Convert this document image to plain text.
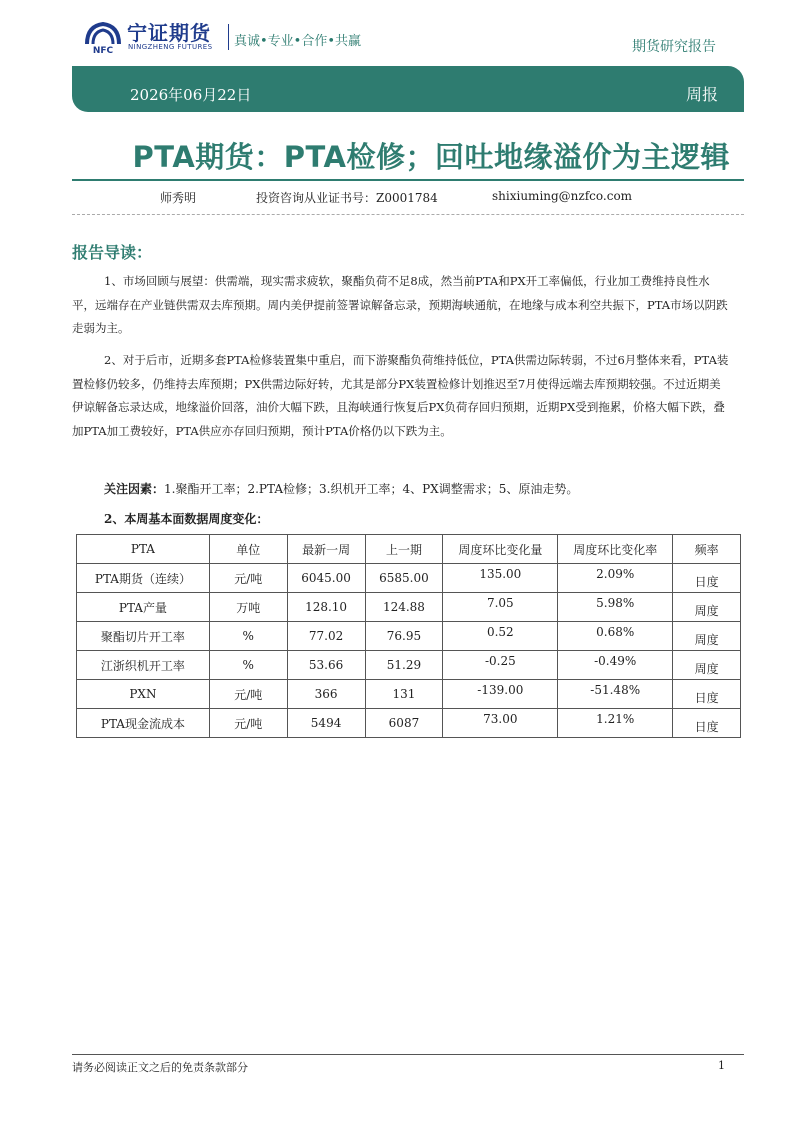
NFC
宁证期货
NINGZHENG FUTURES 真诚•专业•合作•共赢	期货研究报告
2026年06月22日	周报
PTA期货：PTA检修；回吐地缘溢价为主逻辑
师秀明	投资咨询从业证书号：Z0001784	shixiuming@nzfco.com
报告导读：

1、市场回顾与展望：供需端，现实需求疲软，聚酯负荷不足8成，然当前PTA和PX开工率偏低，行业加工费维持良性水平，远端存在产业链供需双去库预期。周内美伊提前签署谅解备忘录，预期海峡通航，在地缘与成本利空共振下，PTA市场以阴跌走弱为主。

2、对于后市，近期多套PTA检修装置集中重启，而下游聚酯负荷维持低位，PTA供需边际转弱，不过6月整体来看，PTA装置检修仍较多，仍维持去库预期；PX供需边际好转，尤其是部分PX装置检修计划推迟至7月使得远端去库预期较强。不过近期美伊谅解备忘录达成，地缘溢价回落，油价大幅下跌，且海峡通行恢复后PX负荷存回归预期，近期PX受到拖累，价格大幅下跌，叠加PTA加工费较好，PTA供应亦存回归预期，预计PTA价格仍以下跌为主。

关注因素：1.聚酯开工率；2.PTA检修；3.织机开工率；4、PX调整需求；5、原油走势。
2、本周基本面数据周度变化：
PTA	单位	最新一周	上一期	周度环比变化量	周度环比变化率	频率
PTA期货（连续）	元/吨	6045.00	6585.00	135.00	2.09%	日度
PTA产量	万吨	128.10	124.88	7.05	5.98%	周度
聚酯切片开工率	%	77.02	76.95	0.52	0.68%	周度
江浙织机开工率	%	53.66	51.29	-0.25	-0.49%	周度
PXN	元/吨	366	131	-139.00	-51.48%	日度
PTA现金流成本	元/吨	5494	6087	73.00	1.21%	日度
请务必阅读正文之后的免责条款部分	1
